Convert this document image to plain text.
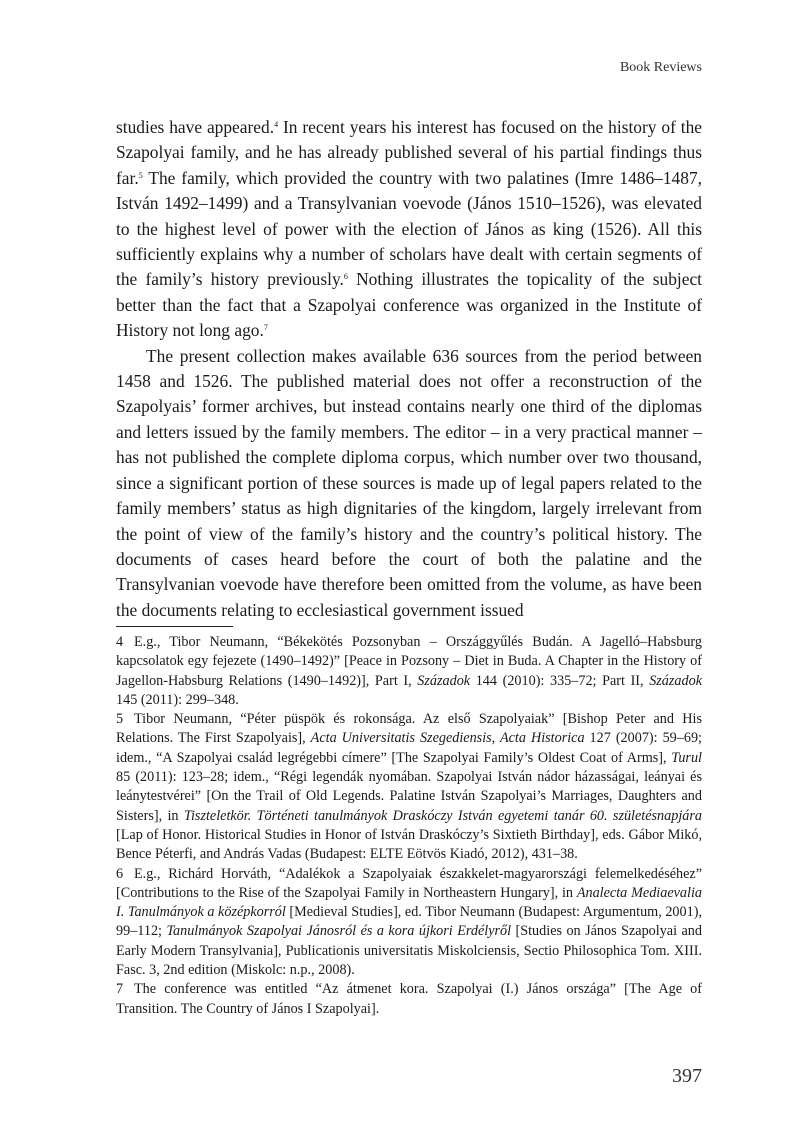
Book Reviews

studies have appeared.$^4$ In recent years his interest has focused on the history of the Szapolyai family, and he has already published several of his partial findings thus far.$^5$ The family, which provided the country with two palatines (Imre 1486–1487, István 1492–1499) and a Transylvanian voevode (János 1510–1526), was elevated to the highest level of power with the election of János as king (1526). All this sufficiently explains why a number of scholars have dealt with certain segments of the family’s history previously.$^6$ Nothing illustrates the topicality of the subject better than the fact that a Szapolyai conference was organized in the Institute of History not long ago.$^7$

The present collection makes available 636 sources from the period between 1458 and 1526. The published material does not offer a reconstruction of the Szapolyais’ former archives, but instead contains nearly one third of the diplomas and letters issued by the family members. The editor – in a very practical manner – has not published the complete diploma corpus, which number over two thousand, since a significant portion of these sources is made up of legal papers related to the family members’ status as high dignitaries of the kingdom, largely irrelevant from the point of view of the family’s history and the country’s political history. The documents of cases heard before the court of both the palatine and the Transylvanian voevode have therefore been omitted from the volume, as have been the documents relating to ecclesiastical government issued

4 E.g., Tibor Neumann, “Békekötés Pozsonyban – Országgyűlés Budán. A Jagelló–Habsburg kapcsolatok egy fejezete (1490–1492)” [Peace in Pozsony – Diet in Buda. A Chapter in the History of Jagellon-Habsburg Relations (1490–1492)], Part I, Századok 144 (2010): 335–72; Part II, Századok 145 (2011): 299–348.

5 Tibor Neumann, “Péter püspök és rokonsága. Az első Szapolyaiak” [Bishop Peter and His Relations. The First Szapolyais], Acta Universitatis Szegediensis, Acta Historica 127 (2007): 59–69; idem., “A Szapolyai család legrégebbi címere” [The Szapolyai Family’s Oldest Coat of Arms], Turul 85 (2011): 123–28; idem., “Régi legendák nyomában. Szapolyai István nádor házasságai, leányai és leánytestvérei” [On the Trail of Old Legends. Palatine István Szapolyai’s Marriages, Daughters and Sisters], in Tiszteletkör. Történeti tanulmányok Draskóczy István egyetemi tanár 60. születésnapjára [Lap of Honor. Historical Studies in Honor of István Draskóczy’s Sixtieth Birthday], eds. Gábor Mikó, Bence Péterfi, and András Vadas (Budapest: ELTE Eötvös Kiadó, 2012), 431–38.

6 E.g., Richárd Horváth, “Adalékok a Szapolyaiak északkelet-magyarországi felemelkedéséhez” [Contributions to the Rise of the Szapolyai Family in Northeastern Hungary], in Analecta Mediaevalia I. Tanulmányok a középkorról [Medieval Studies], ed. Tibor Neumann (Budapest: Argumentum, 2001), 99–112; Tanulmányok Szapolyai Jánosról és a kora újkori Erdélyről [Studies on János Szapolyai and Early Modern Transylvania], Publicationis universitatis Miskolciensis, Sectio Philosophica Tom. XIII. Fasc. 3, 2nd edition (Miskolc: n.p., 2008).

7 The conference was entitled “Az átmenet kora. Szapolyai (I.) János országa” [The Age of Transition. The Country of János I Szapolyai].

397
